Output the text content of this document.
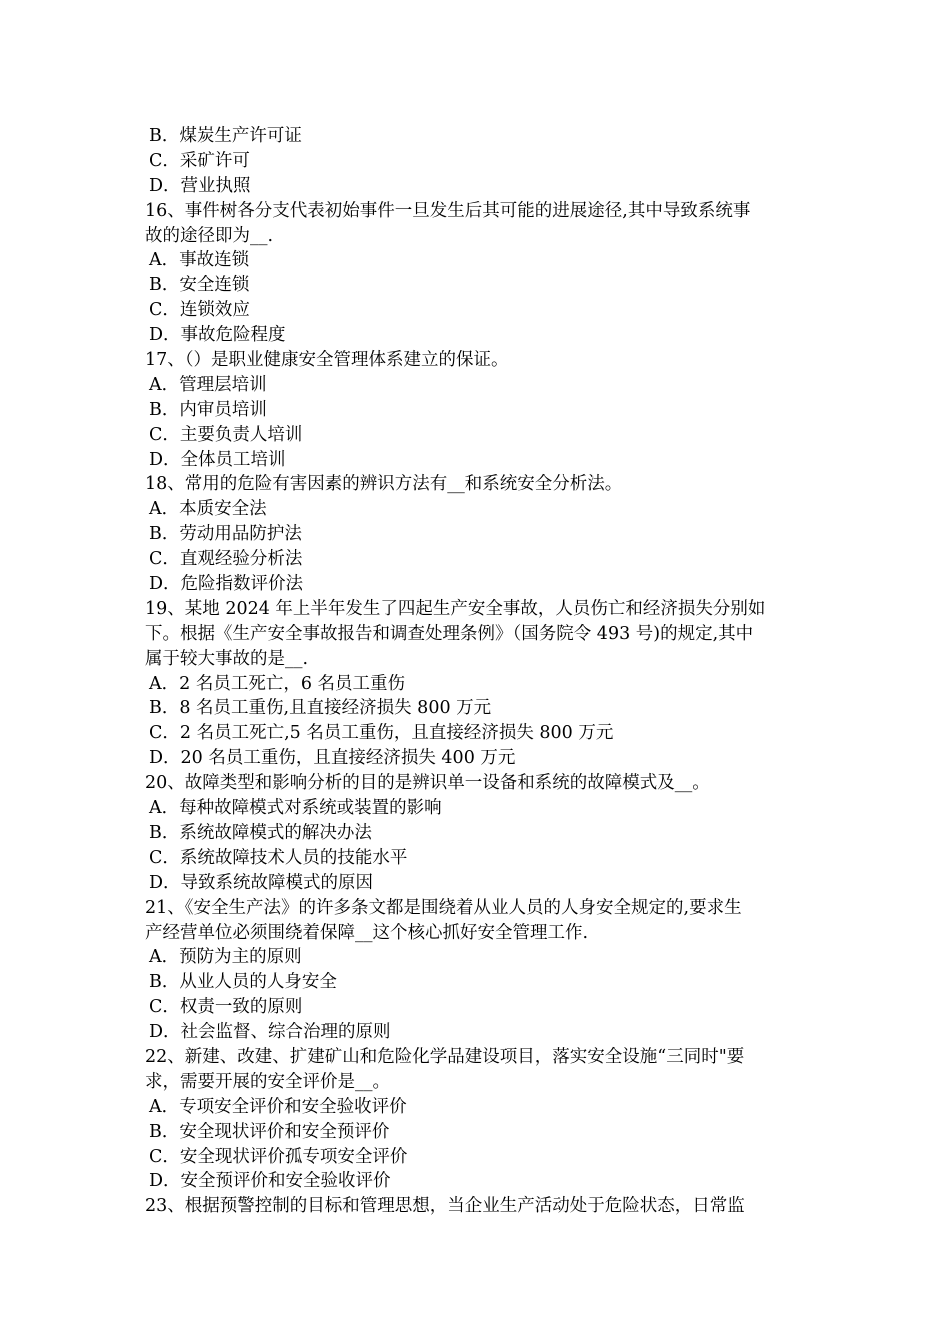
B．煤炭生产许可证
C．采矿许可
D．营业执照
16、事件树各分支代表初始事件一旦发生后其可能的进展途径,其中导致系统事
故的途径即为__.
A．事故连锁
B．安全连锁
C．连锁效应
D．事故危险程度
17、（）是职业健康安全管理体系建立的保证。
A．管理层培训
B．内审员培训
C．主要负责人培训
D．全体员工培训
18、常用的危险有害因素的辨识方法有__和系统安全分析法。
A．本质安全法
B．劳动用品防护法
C．直观经验分析法
D．危险指数评价法
19、某地 2024 年上半年发生了四起生产安全事故，人员伤亡和经济损失分别如
下。根据《生产安全事故报告和调查处理条例》（国务院令 493 号)的规定,其中
属于较大事故的是__.
A．2 名员工死亡，6 名员工重伤
B．8 名员工重伤,且直接经济损失 800 万元
C．2 名员工死亡,5 名员工重伤，且直接经济损失 800 万元
D．20 名员工重伤，且直接经济损失 400 万元
20、故障类型和影响分析的目的是辨识单一设备和系统的故障模式及__。
A．每种故障模式对系统或装置的影响
B．系统故障模式的解决办法
C．系统故障技术人员的技能水平
D．导致系统故障模式的原因
21、《安全生产法》的许多条文都是围绕着从业人员的人身安全规定的,要求生
产经营单位必须围绕着保障__这个核心抓好安全管理工作.
A．预防为主的原则
B．从业人员的人身安全
C．权责一致的原则
D．社会监督、综合治理的原则
22、新建、改建、扩建矿山和危险化学品建设项目，落实安全设施“三同时"要
求，需要开展的安全评价是__。
A．专项安全评价和安全验收评价
B．安全现状评价和安全预评价
C．安全现状评价孤专项安全评价
D．安全预评价和安全验收评价
23、根据预警控制的目标和管理思想，当企业生产活动处于危险状态，日常监
